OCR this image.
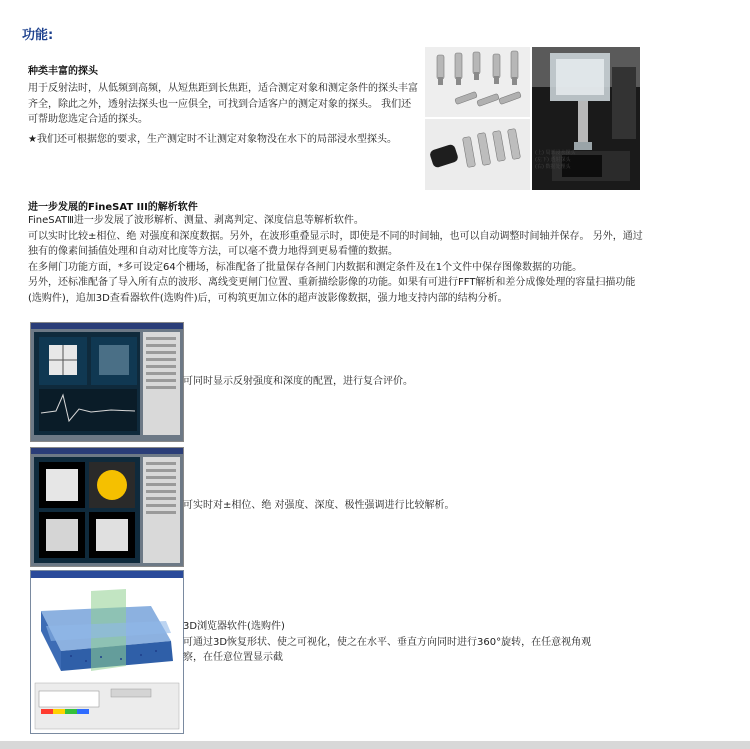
功能:
种类丰富的探头

用于反射法时，从低频到高频，从短焦距到长焦距，适合测定对象和测定条件的探头丰富齐全，除此之外，透射法探头也一应俱全，可找到合适客户的测定对象的探头。 我们还可帮助您选定合适的探头。

★我们还可根据您的要求，生产测定时不让测定对象物没在水下的局部浸水型探头。

(上) 局部浸水探头
(左下) 透射探头
(右) 数据处理头
进一步发展的FineSAT III的解析软件

FineSATⅢ进一步发展了波形解析、测量、剥离判定、深度信息等解析软件。

可以实时比较±相位、绝 对强度和深度数据。另外，在波形重叠显示时，即使是不同的时间轴，也可以自动调整时间轴并保存。 另外，通过独有的像素间插值处理和自动对比度等方法，可以毫不费力地得到更易看懂的数据。

在多闸门功能方面，*多可设定64个栅场，标准配备了批量保存各闸门内数据和测定条件及在1个文件中保存图像数据的功能。

另外，还标准配备了导入所有点的波形、离线变更闸门位置、重新描绘影像的功能。如果有可进行FFT解析和差分成像处理的容量扫描功能(选购件)，追加3D查看器软件(选购件)后，可构筑更加立体的超声波影像数据，强力地支持内部的结构分析。

可同时显示反射强度和深度的配置，进行复合评价。
可实时对±相位、绝 对强度、深度、极性强调进行比较解析。
3D浏览器软件(选购件)
可通过3D恢复形状、使之可视化，使之在水平、垂直方向同时进行360°旋转，在任意视角观
察，在任意位置显示截
